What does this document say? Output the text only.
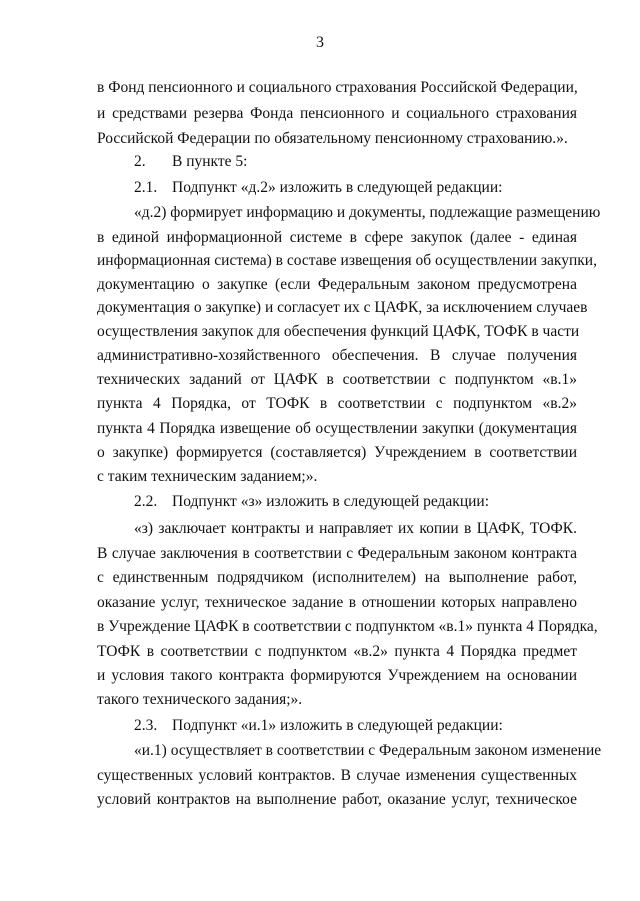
3
в Фонд пенсионного и социального страхования Российской Федерации,
и средствами резерва Фонда пенсионного и социального страхования
Российской Федерации по обязательному пенсионному страхованию.».
2. В пункте 5:
2.1. Подпункт «д.2» изложить в следующей редакции:
«д.2) формирует информацию и документы, подлежащие размещению
в единой информационной системе в сфере закупок (далее - единая
информационная система) в составе извещения об осуществлении закупки,
документацию о закупке (если Федеральным законом предусмотрена
документация о закупке) и согласует их с ЦАФК, за исключением случаев
осуществления закупок для обеспечения функций ЦАФК, ТОФК в части
административно-хозяйственного обеспечения. В случае получения
технических заданий от ЦАФК в соответствии с подпунктом «в.1»
пункта 4 Порядка, от ТОФК в соответствии с подпунктом «в.2»
пункта 4 Порядка извещение об осуществлении закупки (документация
о закупке) формируется (составляется) Учреждением в соответствии
с таким техническим заданием;».
2.2. Подпункт «з» изложить в следующей редакции:
«з) заключает контракты и направляет их копии в ЦАФК, ТОФК.
В случае заключения в соответствии с Федеральным законом контракта
с единственным подрядчиком (исполнителем) на выполнение работ,
оказание услуг, техническое задание в отношении которых направлено
в Учреждение ЦАФК в соответствии с подпунктом «в.1» пункта 4 Порядка,
ТОФК в соответствии с подпунктом «в.2» пункта 4 Порядка предмет
и условия такого контракта формируются Учреждением на основании
такого технического задания;».
2.3. Подпункт «и.1» изложить в следующей редакции:
«и.1) осуществляет в соответствии с Федеральным законом изменение
существенных условий контрактов. В случае изменения существенных
условий контрактов на выполнение работ, оказание услуг, техническое
